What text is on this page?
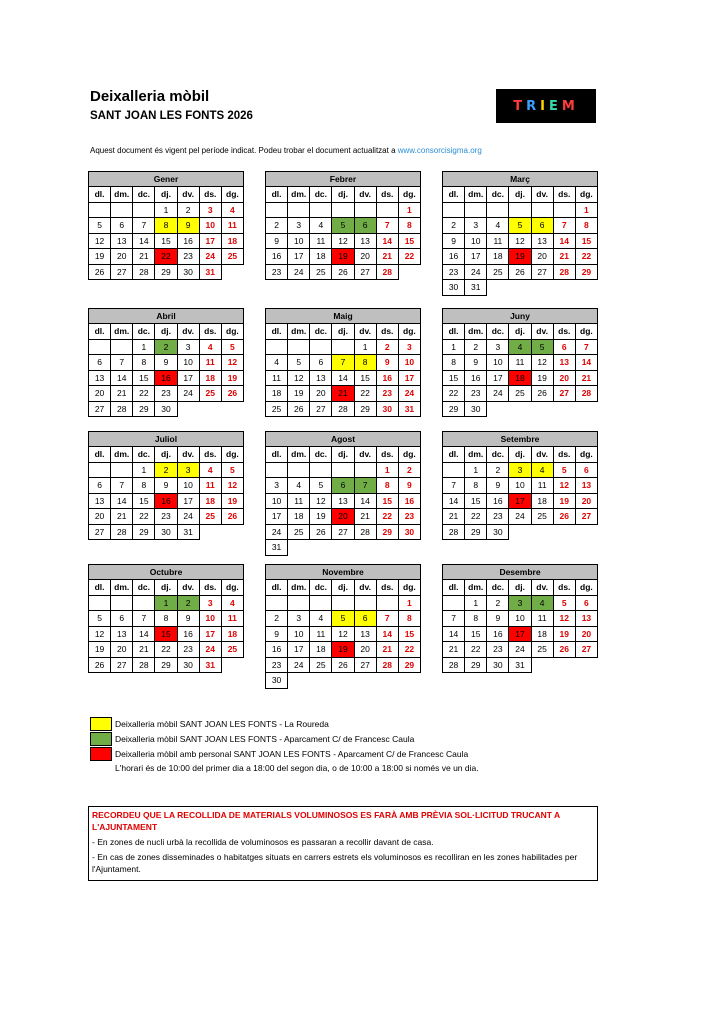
Deixalleria mòbil
SANT JOAN LES FONTS 2026
T R I E M
Aquest document és vigent pel període indicat. Podeu trobar el document actualitzat a www.consorcisigma.org
Gener						
dl.	dm.	dc.	dj.	dv.	ds.	dg.
			1	2	3	4
5	6	7	8	9	10	11
12	13	14	15	16	17	18
19	20	21	22	23	24	25
26	27	28	29	30	31	
Febrer						
dl.	dm.	dc.	dj.	dv.	ds.	dg.
						1
2	3	4	5	6	7	8
9	10	11	12	13	14	15
16	17	18	19	20	21	22
23	24	25	26	27	28	
Març						
dl.	dm.	dc.	dj.	dv.	ds.	dg.
						1
2	3	4	5	6	7	8
9	10	11	12	13	14	15
16	17	18	19	20	21	22
23	24	25	26	27	28	29
30	31					
Abril						
dl.	dm.	dc.	dj.	dv.	ds.	dg.
		1	2	3	4	5
6	7	8	9	10	11	12
13	14	15	16	17	18	19
20	21	22	23	24	25	26
27	28	29	30			
Maig						
dl.	dm.	dc.	dj.	dv.	ds.	dg.
				1	2	3
4	5	6	7	8	9	10
11	12	13	14	15	16	17
18	19	20	21	22	23	24
25	26	27	28	29	30	31
Juny						
dl.	dm.	dc.	dj.	dv.	ds.	dg.
1	2	3	4	5	6	7
8	9	10	11	12	13	14
15	16	17	18	19	20	21
22	23	24	25	26	27	28
29	30					
Juliol						
dl.	dm.	dc.	dj.	dv.	ds.	dg.
		1	2	3	4	5
6	7	8	9	10	11	12
13	14	15	16	17	18	19
20	21	22	23	24	25	26
27	28	29	30	31		
Agost						
dl.	dm.	dc.	dj.	dv.	ds.	dg.
					1	2
3	4	5	6	7	8	9
10	11	12	13	14	15	16
17	18	19	20	21	22	23
24	25	26	27	28	29	30
31						
Setembre						
dl.	dm.	dc.	dj.	dv.	ds.	dg.
	1	2	3	4	5	6
7	8	9	10	11	12	13
14	15	16	17	18	19	20
21	22	23	24	25	26	27
28	29	30				
Octubre						
dl.	dm.	dc.	dj.	dv.	ds.	dg.
			1	2	3	4
5	6	7	8	9	10	11
12	13	14	15	16	17	18
19	20	21	22	23	24	25
26	27	28	29	30	31	
Novembre						
dl.	dm.	dc.	dj.	dv.	ds.	dg.
						1
2	3	4	5	6	7	8
9	10	11	12	13	14	15
16	17	18	19	20	21	22
23	24	25	26	27	28	29
30						
Desembre						
dl.	dm.	dc.	dj.	dv.	ds.	dg.
	1	2	3	4	5	6
7	8	9	10	11	12	13
14	15	16	17	18	19	20
21	22	23	24	25	26	27
28	29	30	31			
Deixalleria mòbil SANT JOAN LES FONTS - La Roureda
Deixalleria mòbil SANT JOAN LES FONTS - Aparcament C/ de Francesc Caula
Deixalleria mòbil amb personal SANT JOAN LES FONTS - Aparcament C/ de Francesc Caula
L'horari és de 10:00 del primer dia a 18:00 del segon dia, o de 10:00 a 18:00 si només ve un dia.
RECORDEU QUE LA RECOLLIDA DE MATERIALS VOLUMINOSOS ES FARÀ AMB PRÈVIA SOL·LICITUD TRUCANT A L'AJUNTAMENT
- En zones de nucli urbà la recollida de voluminosos es passaran a recollir davant de casa.
- En cas de zones disseminades o habitatges situats en carrers estrets els voluminosos es recolliran en les zones habilitades per l'Ajuntament.
